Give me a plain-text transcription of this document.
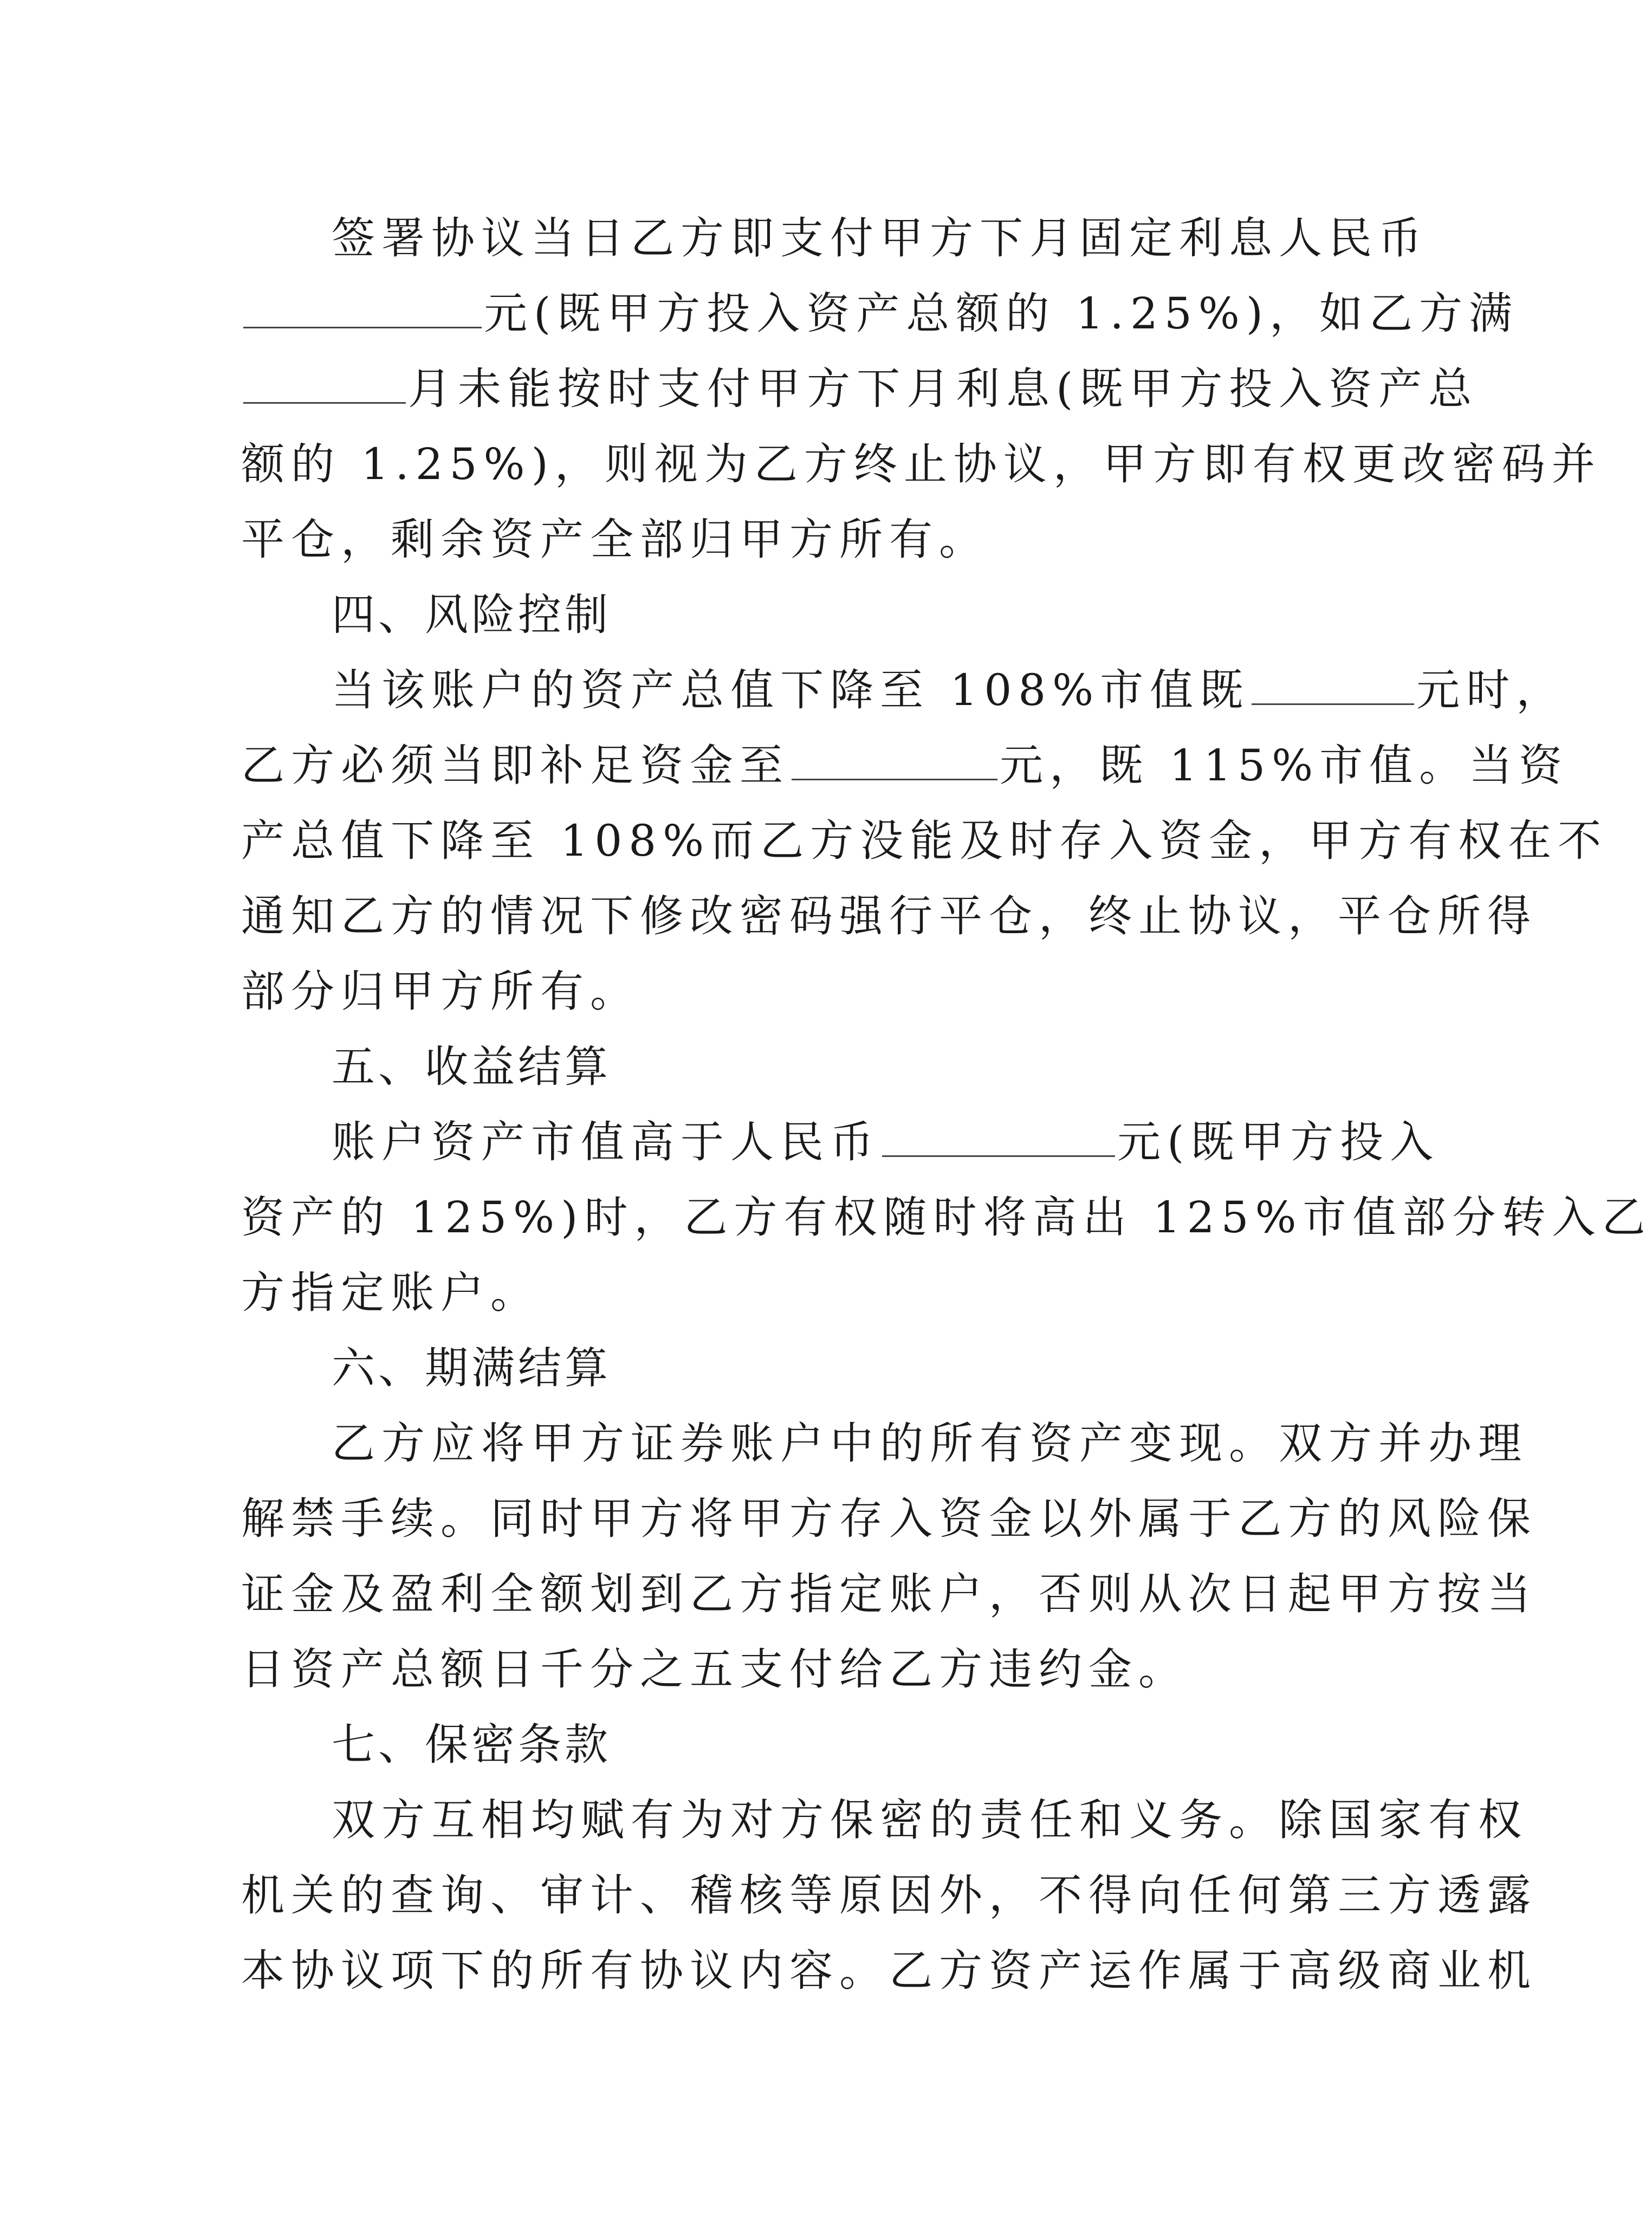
签署协议当日乙方即支付甲方下月固定利息人民币
元(既甲方投入资产总额的 1.25%)，如乙方满
月未能按时支付甲方下月利息(既甲方投入资产总
额的 1.25%)，则视为乙方终止协议，甲方即有权更改密码并
平仓，剩余资产全部归甲方所有。
四、风险控制
当该账户的资产总值下降至 108%市值既	元时，
乙方必须当即补足资金至	元，既 115%市值。当资
产总值下降至 108%而乙方没能及时存入资金，甲方有权在不
通知乙方的情况下修改密码强行平仓，终止协议，平仓所得
部分归甲方所有。
五、收益结算
账户资产市值高于人民币	元(既甲方投入
资产的 125%)时，乙方有权随时将高出 125%市值部分转入乙
方指定账户。
六、期满结算
乙方应将甲方证券账户中的所有资产变现。双方并办理
解禁手续。同时甲方将甲方存入资金以外属于乙方的风险保
证金及盈利全额划到乙方指定账户，否则从次日起甲方按当
日资产总额日千分之五支付给乙方违约金。
七、保密条款
双方互相均赋有为对方保密的责任和义务。除国家有权
机关的查询、审计、稽核等原因外，不得向任何第三方透露
本协议项下的所有协议内容。乙方资产运作属于高级商业机
